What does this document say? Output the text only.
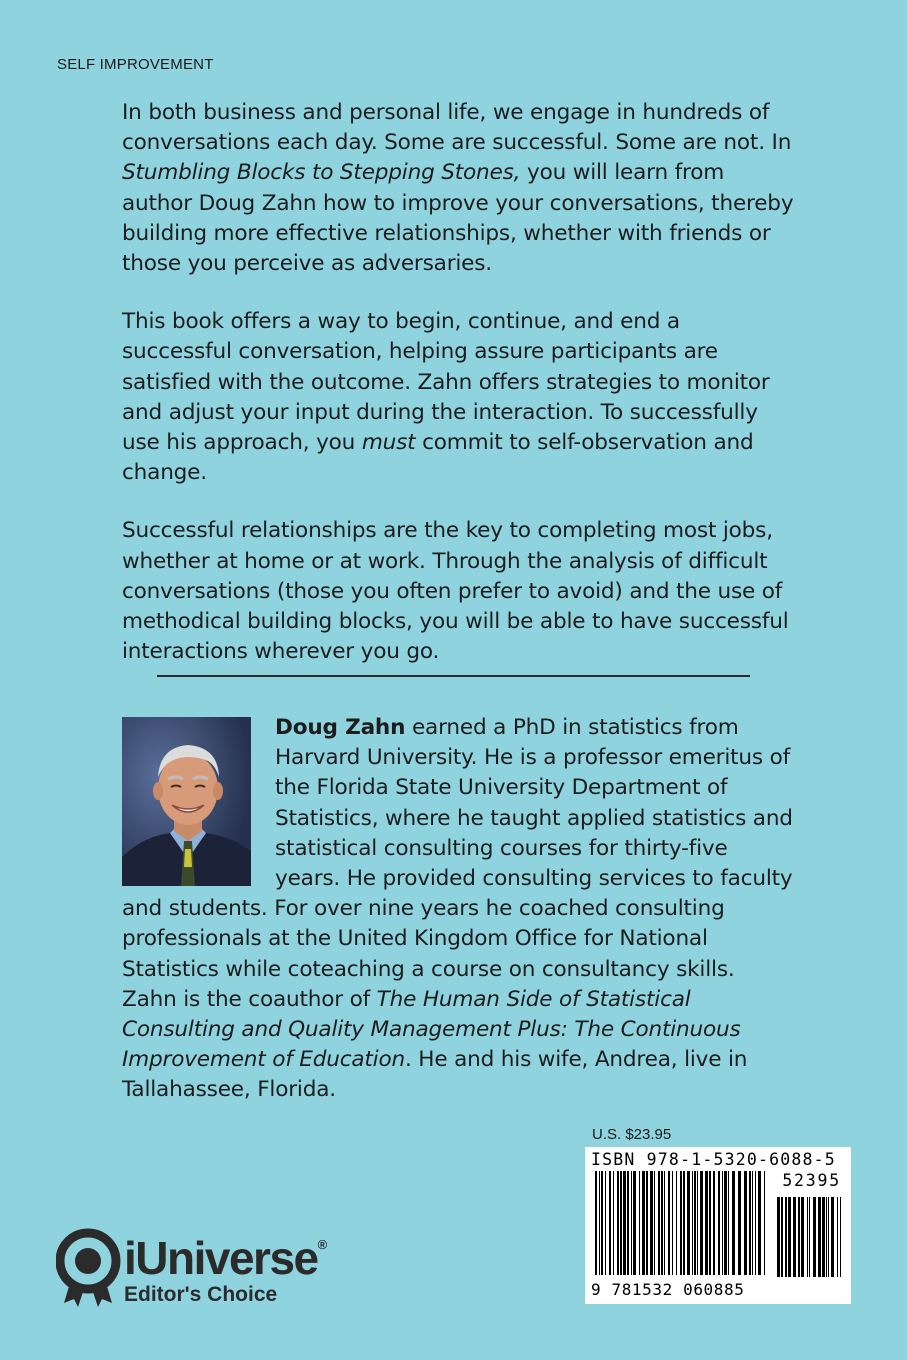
SELF IMPROVEMENT

In both business and personal life, we engage in hundreds of conversations each day. Some are successful. Some are not. In Stumbling Blocks to Stepping Stones, you will learn from author Doug Zahn how to improve your conversations, thereby building more effective relationships, whether with friends or those you perceive as adversaries.

This book offers a way to begin, continue, and end a successful conversation, helping assure participants are satisfied with the outcome. Zahn offers strategies to monitor and adjust your input during the interaction. To successfully use his approach, you must commit to self-observation and change.

Successful relationships are the key to completing most jobs, whether at home or at work. Through the analysis of difficult conversations (those you often prefer to avoid) and the use of methodical building blocks, you will be able to have successful interactions wherever you go.

Doug Zahn earned a PhD in statistics from Harvard University. He is a professor emeritus of the Florida State University Department of Statistics, where he taught applied statistics and statistical consulting courses for thirty-five years. He provided consulting services to faculty and students. For over nine years he coached consulting professionals at the United Kingdom Office for National Statistics while coteaching a course on consultancy skills. Zahn is the coauthor of The Human Side of Statistical Consulting and Quality Management Plus: The Continuous Improvement of Education. He and his wife, Andrea, live in Tallahassee, Florida.
U.S. $23.95
ISBN 978-1-5320-6088-5
52395
9 781532 060885
iUniverse®
Editor's Choice
